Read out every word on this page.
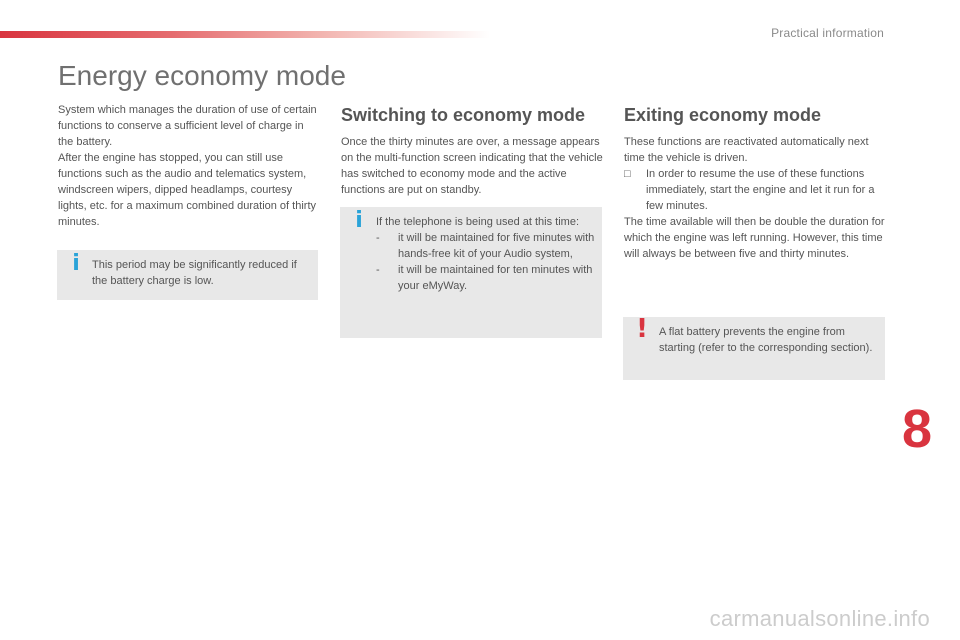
Practical information
Energy economy mode

System which manages the duration of use of certain functions to conserve a sufficient level of charge in the battery.

After the engine has stopped, you can still use functions such as the audio and telematics system, windscreen wipers, dipped headlamps, courtesy lights, etc. for a maximum combined duration of thirty minutes.

i This period may be significantly reduced if the battery charge is low.
Switching to economy mode

Once the thirty minutes are over, a message appears on the multi-function screen indicating that the vehicle has switched to economy mode and the active functions are put on standby.

i If the telephone is being used at this time:
- it will be maintained for five minutes with hands-free kit of your Audio system,
- it will be maintained for ten minutes with your eMyWay.
Exiting economy mode

These functions are reactivated automatically next time the vehicle is driven.

□ In order to resume the use of these functions immediately, start the engine and let it run for a few minutes.

The time available will then be double the duration for which the engine was left running. However, this time will always be between five and thirty minutes.

! A flat battery prevents the engine from starting (refer to the corresponding section).
8
carmanualsonline.info
